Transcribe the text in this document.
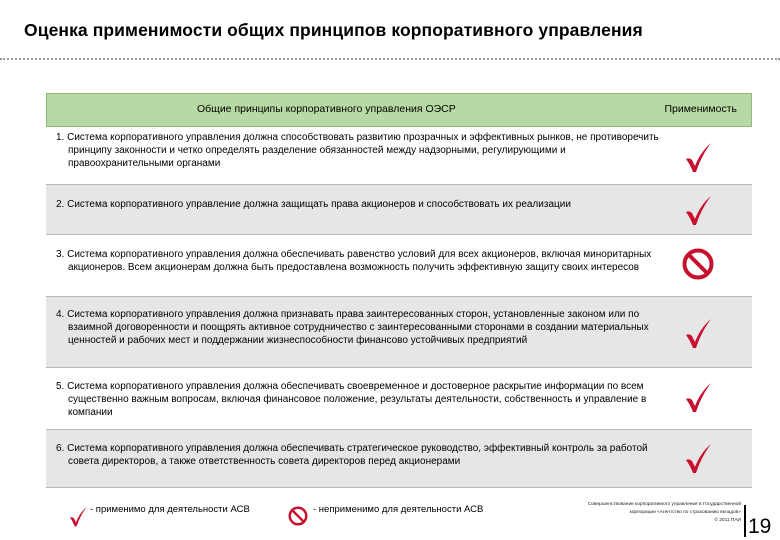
Оценка применимости общих принципов корпоративного управления
Общие принципы корпоративного управления ОЭСР	Применимость
1. Система корпоративного управления должна способствовать развитию прозрачных и эффективных рынков, не противоречить принципу законности и четко определять разделение обязанностей между надзорными, регулирующими и правоохранительными органами
2. Система корпоративного управление должна защищать права акционеров и способствовать их реализации
3. Система корпоративного управления должна обеспечивать равенство условий для всех акционеров, включая миноритарных акционеров. Всем акционерам должна быть предоставлена возможность получить эффективную защиту своих интересов
4. Система корпоративного управления должна признавать права заинтересованных сторон, установленные законом или по взаимной договоренности и поощрять активное сотрудничество с заинтересованными сторонами в создании материальных ценностей и рабочих мест и поддержании жизнеспособности финансово устойчивых предприятий
5. Система корпоративного управления должна обеспечивать своевременное и достоверное раскрытие информации по всем существенно важным вопросам, включая финансовое положение, результаты деятельности, собственность и управление в компании
6. Система корпоративного управления должна обеспечивать стратегическое руководство, эффективный контроль за работой совета директоров, а также ответственность совета директоров перед акционерами
- применимо для деятельности АСВ	- неприменимо для деятельности АСВ	Совершенствование корпоративного управления в Государственной
корпорации «Агентство по страхованию вкладов»
© 2011 ПАИ 19
